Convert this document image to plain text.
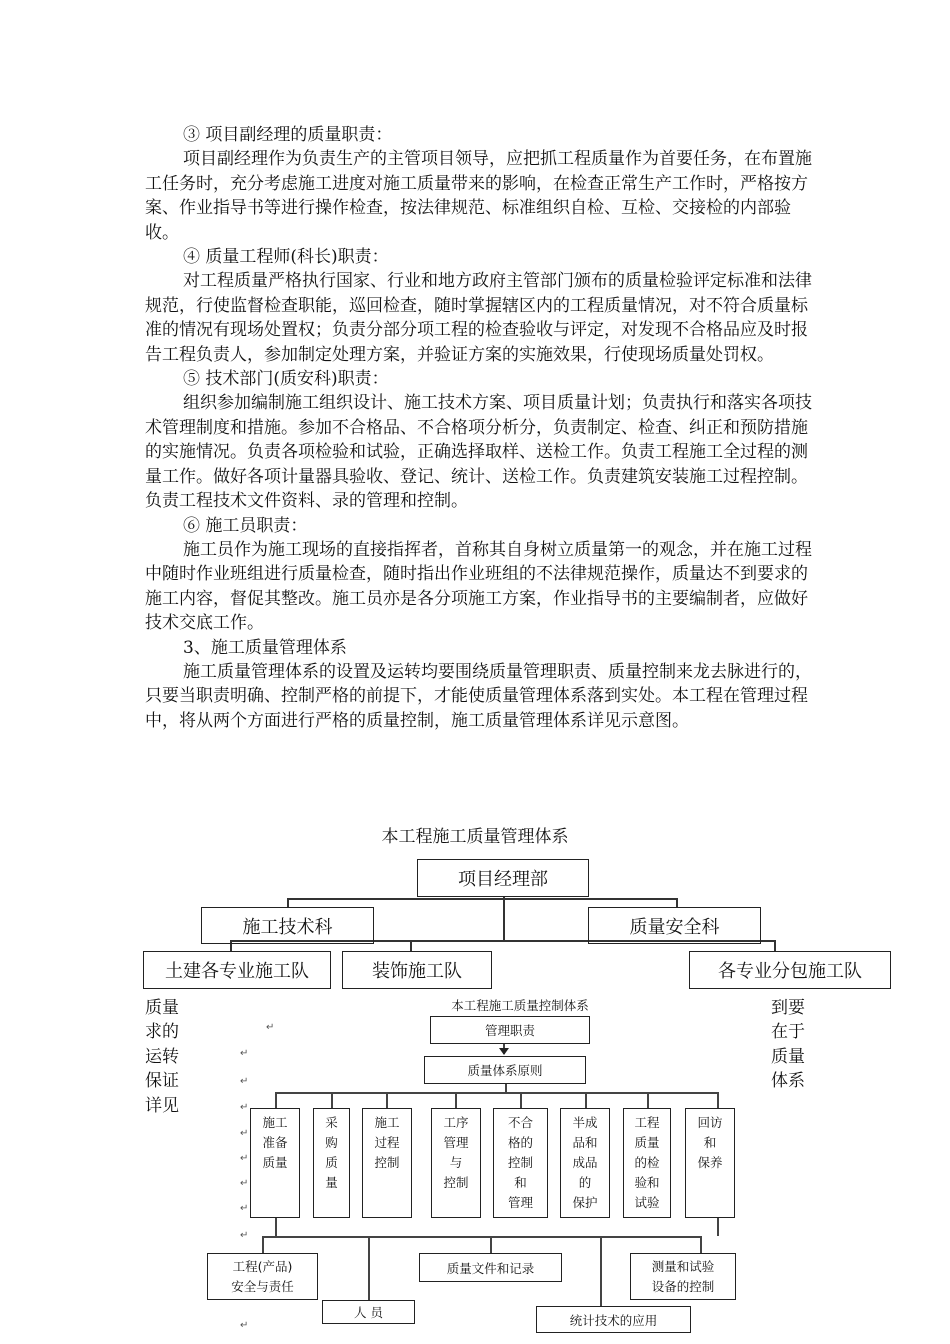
③ 项目副经理的质量职责：

项目副经理作为负责生产的主管项目领导，应把抓工程质量作为首要任务，在布置施工任务时，充分考虑施工进度对施工质量带来的影响，在检查正常生产工作时，严格按方案、作业指导书等进行操作检查，按法律规范、标准组织自检、互检、交接检的内部验收。

④ 质量工程师(科长)职责：

对工程质量严格执行国家、行业和地方政府主管部门颁布的质量检验评定标准和法律规范，行使监督检查职能，巡回检查，随时掌握辖区内的工程质量情况，对不符合质量标准的情况有现场处置权；负责分部分项工程的检查验收与评定，对发现不合格品应及时报告工程负责人，参加制定处理方案，并验证方案的实施效果，行使现场质量处罚权。

⑤ 技术部门(质安科)职责：

组织参加编制施工组织设计、施工技术方案、项目质量计划；负责执行和落实各项技术管理制度和措施。参加不合格品、不合格项分析分，负责制定、检查、纠正和预防措施的实施情况。负责各项检验和试验，正确选择取样、送检工作。负责工程施工全过程的测量工作。做好各项计量器具验收、登记、统计、送检工作。负责建筑安装施工过程控制。负责工程技术文件资料、录的管理和控制。

⑥ 施工员职责：

施工员作为施工现场的直接指挥者，首称其自身树立质量第一的观念，并在施工过程中随时作业班组进行质量检查，随时指出作业班组的不法律规范操作，质量达不到要求的施工内容，督促其整改。施工员亦是各分项施工方案，作业指导书的主要编制者，应做好技术交底工作。

3、施工质量管理体系

施工质量管理体系的设置及运转均要围绕质量管理职责、质量控制来龙去脉进行的，只要当职责明确、控制严格的前提下，才能使质量管理体系落到实处。本工程在管理过程中，将从两个方面进行严格的质量控制，施工质量管理体系详见示意图。

本工程施工质量管理体系
项目经理部
施工技术科	质量安全科
土建各专业施工队	装饰施工队	各专业分包施工队
质量
求的
运转
保证
详见
到要
在于
质量
体系
本工程施工质量控制体系
管理职责
质量体系原则
施工
准备
质量
采
购
质
量
施工
过程
控制
工序
管理
与
控制
不合
格的
控制
和
管理
半成
品和
成品
的
保护
工程
质量
的检
验和
试验
回访
和
保养
工程(产品)
安全与责任
人 员
质量文件和记录
统计技术的应用
测量和试验
设备的控制
↵
↵
↵
↵
↵
↵
↵
↵
↵
↵
